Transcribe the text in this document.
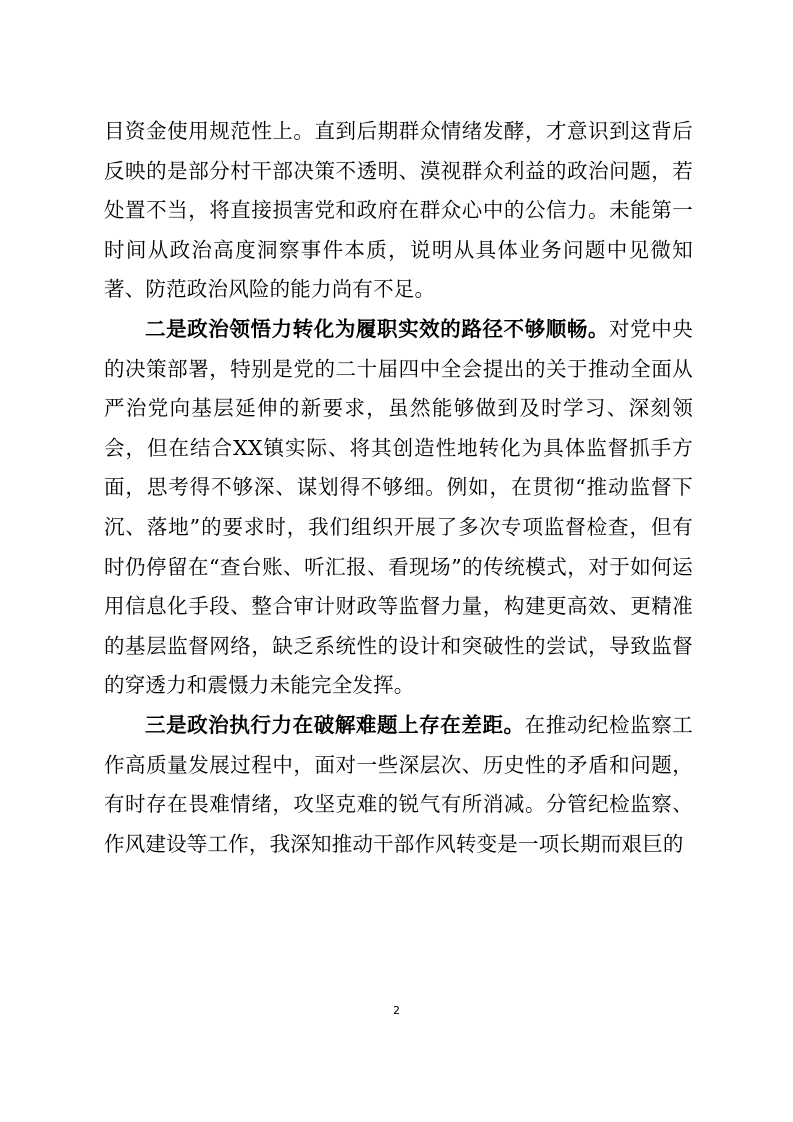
目资金使用规范性上。直到后期群众情绪发酵，才意识到这背后反映的是部分村干部决策不透明、漠视群众利益的政治问题，若处置不当，将直接损害党和政府在群众心中的公信力。未能第一时间从政治高度洞察事件本质，说明从具体业务问题中见微知著、防范政治风险的能力尚有不足。

二是政治领悟力转化为履职实效的路径不够顺畅。对党中央的决策部署，特别是党的二十届四中全会提出的关于推动全面从严治党向基层延伸的新要求，虽然能够做到及时学习、深刻领会，但在结合XX镇实际、将其创造性地转化为具体监督抓手方面，思考得不够深、谋划得不够细。例如，在贯彻“推动监督下沉、落地”的要求时，我们组织开展了多次专项监督检查，但有时仍停留在“查台账、听汇报、看现场”的传统模式，对于如何运用信息化手段、整合审计财政等监督力量，构建更高效、更精准的基层监督网络，缺乏系统性的设计和突破性的尝试，导致监督的穿透力和震慑力未能完全发挥。

三是政治执行力在破解难题上存在差距。在推动纪检监察工作高质量发展过程中，面对一些深层次、历史性的矛盾和问题，有时存在畏难情绪，攻坚克难的锐气有所消减。分管纪检监察、作风建设等工作，我深知推动干部作风转变是一项长期而艰巨的

2
